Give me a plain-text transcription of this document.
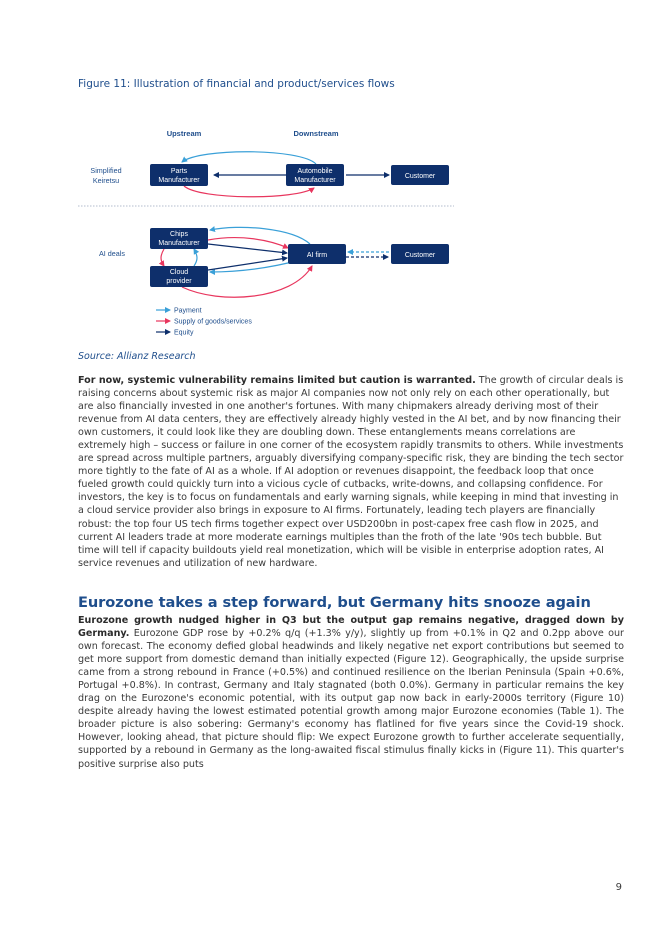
Figure 11: Illustration of financial and product/services flows
Upstream	Downstream
Simplified
Keiretsu
AI deals
Parts
Manufacturer
Automobile
Manufacturer
Customer
Chips
Manufacturer
Cloud
provider
AI firm	Customer
Payment
Supply of goods/services
Equity
Source: Allianz Research
For now, systemic vulnerability remains limited but caution is warranted. The growth of circular deals is raising concerns about systemic risk as major AI companies now not only rely on each other operationally, but are also financially invested in one another's fortunes. With many chipmakers already deriving most of their revenue from AI data centers, they are effectively already highly vested in the AI bet, and by now financing their own customers, it could look like they are doubling down. These entanglements means correlations are extremely high – success or failure in one corner of the ecosystem rapidly transmits to others. While investments are spread across multiple partners, arguably diversifying company-specific risk, they are binding the tech sector more tightly to the fate of AI as a whole. If AI adoption or revenues disappoint, the feedback loop that once fueled growth could quickly turn into a vicious cycle of cutbacks, write-downs, and collapsing confidence. For investors, the key is to focus on fundamentals and early warning signals, while keeping in mind that investing in a cloud service provider also brings in exposure to AI firms. Fortunately, leading tech players are financially robust: the top four US tech firms together expect over USD200bn in post-capex free cash flow in 2025, and current AI leaders trade at more moderate earnings multiples than the froth of the late '90s tech bubble. But time will tell if capacity buildouts yield real monetization, which will be visible in enterprise adoption rates, AI service revenues and utilization of new hardware.
Eurozone takes a step forward, but Germany hits snooze again
Eurozone growth nudged higher in Q3 but the output gap remains negative, dragged down by Germany. Eurozone GDP rose by +0.2% q/q (+1.3% y/y), slightly up from +0.1% in Q2 and 0.2pp above our own forecast. The economy defied global headwinds and likely negative net export contributions but seemed to get more support from domestic demand than initially expected (Figure 12). Geographically, the upside surprise came from a strong rebound in France (+0.5%) and continued resilience on the Iberian Peninsula (Spain +0.6%, Portugal +0.8%). In contrast, Germany and Italy stagnated (both 0.0%). Germany in particular remains the key drag on the Eurozone's economic potential, with its output gap now back in early-2000s territory (Figure 10) despite already having the lowest estimated potential growth among major Eurozone economies (Table 1). The broader picture is also sobering: Germany's economy has flatlined for five years since the Covid-19 shock. However, looking ahead, that picture should flip: We expect Eurozone growth to further accelerate sequentially, supported by a rebound in Germany as the long-awaited fiscal stimulus finally kicks in (Figure 11). This quarter's positive surprise also puts
9
